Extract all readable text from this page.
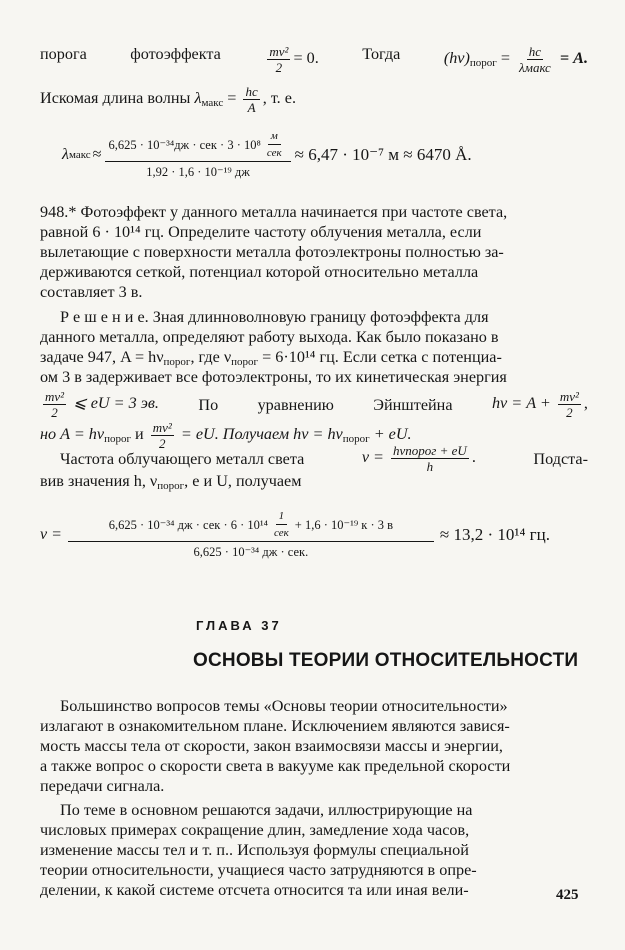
порога	фотоэффекта	$\frac{\text{mv²}}{2} = 0$.	Тогда	$(h\nu)_{порог} = \frac{hc}{\text{λмакс}} = A$.
Искомая длина волны $\lambda_{макс} = \frac{hc}{A}$ , т. е.
λ макс ≈ $\frac{6,625 \cdot 10^{-34}дж \cdot сек \cdot 3 \cdot 10^8 \frac{м}{\text{сек}}}{\text{1,92 · 1,6 · 10⁻¹⁹ дж}} \approx 6,47 \cdot 10^{-7}$ м ≈ 6470 Å.
948.* Фотоэффект у данного металла начинается при частоте света,
равной 6 · 10¹⁴ гц. Определите частоту облучения металла, если
вылетающие с поверхности металла фотоэлектроны полностью за-
держиваются сеткой, потенциал которой относительно металла
составляет 3 в.
Р е ш е н и е. Зная длинноволновую границу фотоэффекта для
данного металла, определяют работу выхода. Как было показано в
задаче 947, $A = h\nu_{порог}$, где $\nu_{порог} = 6\cdot 10^{14}$ гц. Если сетка с потенциа-
ом 3 в задерживает все фотоэлектроны, то их кинетическая энергия
$\frac{\text{mv²}}{2}$ ⩽ eU = 3 эв. По уравнению Эйнштейна $h\nu = A + \frac{\text{mv²}}{2}$ ,
но $A = h\nu_{порог}$ и $\frac{\text{mv²}}{2}$ = eU. Получаем $h\nu = h\nu_{порог}$ + eU.
Частота облучающего металл света	$\nu = \frac{\text{hνпорог + eU}}{h}$ .	Подста-
вив значения h, $\nu_{порог}$, e и U, получаем
ν =
6,625 · 10⁻³⁴ дж · сек · $6 \cdot 10^{14} \frac{1}{\text{сек}} + 1,6 \cdot 10^{-19}$ к · 3 в
6,625 · 10⁻³⁴ дж · сек.
≈ 13,2 · 10¹⁴ гц.
ГЛАВА 37
ОСНОВЫ ТЕОРИИ ОТНОСИТЕЛЬНОСТИ
Большинство вопросов темы «Основы теории относительности»
излагают в ознакомительном плане. Исключением являются завися-
мость массы тела от скорости, закон взаимосвязи массы и энергии,
а также вопрос о скорости света в вакууме как предельной скорости
передачи сигнала.
По теме в основном решаются задачи, иллюстрирующие на
числовых примерах сокращение длин, замедление хода часов,
изменение массы тел и т. п.. Используя формулы специальной
теории относительности, учащиеся часто затрудняются в опре-
делении, к какой системе отсчета относится та или иная вели-	425
